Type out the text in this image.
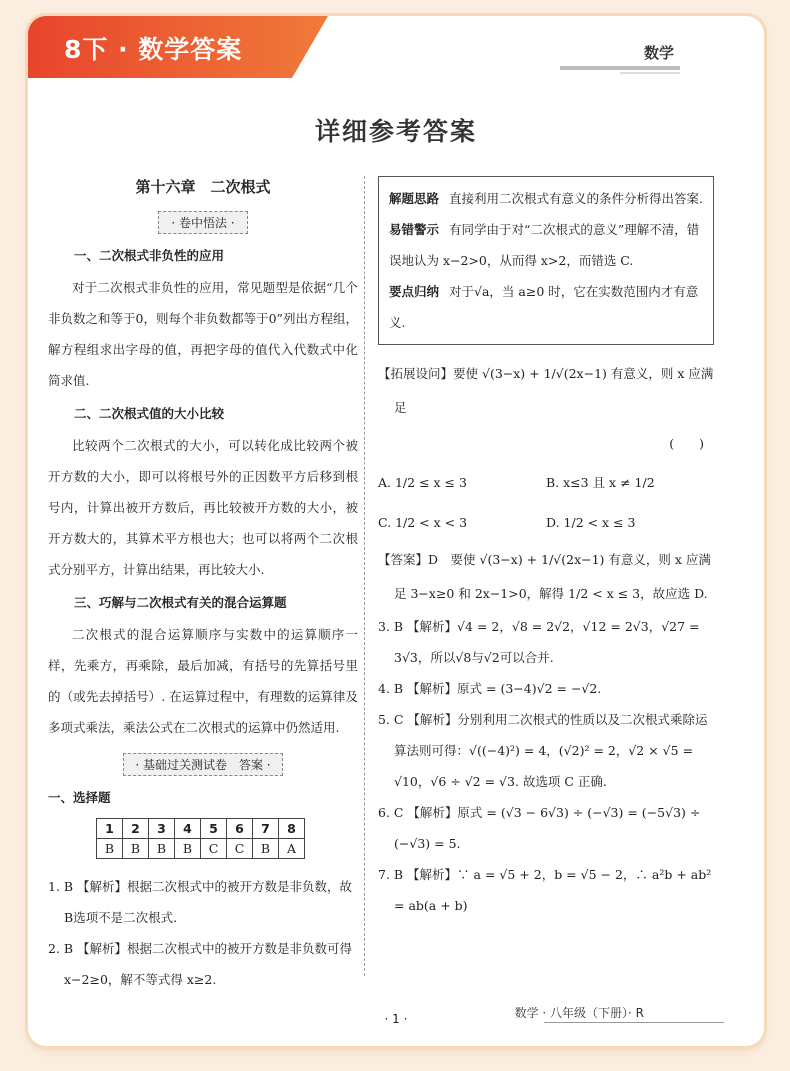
8下 · 数学答案	数学
详细参考答案
第十六章　二次根式
· 卷中悟法 ·
一、二次根式非负性的应用
对于二次根式非负性的应用，常见题型是依据“几个非负数之和等于0，则每个非负数都等于0”列出方程组，解方程组求出字母的值，再把字母的值代入代数式中化简求值.
二、二次根式值的大小比较
比较两个二次根式的大小，可以转化成比较两个被开方数的大小，即可以将根号外的正因数平方后移到根号内，计算出被开方数后，再比较被开方数的大小，被开方数大的，其算术平方根也大；也可以将两个二次根式分别平方，计算出结果，再比较大小.
三、巧解与二次根式有关的混合运算题
二次根式的混合运算顺序与实数中的运算顺序一样，先乘方，再乘除，最后加减，有括号的先算括号里的（或先去掉括号）. 在运算过程中，有理数的运算律及多项式乘法，乘法公式在二次根式的运算中仍然适用.
· 基础过关测试卷　答案 ·
一、选择题
1	2	3	4	5	6	7	8
B	B	B	B	C	C	B	A
1. B 【解析】根据二次根式中的被开方数是非负数，故B选项不是二次根式.
2. B 【解析】根据二次根式中的被开方数是非负数可得 x−2≥0，解不等式得 x≥2.
解题思路 直接利用二次根式有意义的条件分析得出答案.
易错警示 有同学由于对“二次根式的意义”理解不清，错误地认为 x−2>0，从而得 x>2，而错选 C.
要点归纳 对于√a，当 a≥0 时，它在实数范围内才有意义.
【拓展设问】要使 √(3−x) + 1/√(2x−1) 有意义，则 x 应满足
(　　)
A. 1/2 ≤ x ≤ 3	B. x≤3 且 x ≠ 1/2
C. 1/2 < x < 3	D. 1/2 < x ≤ 3
【答案】D　要使 √(3−x) + 1/√(2x−1) 有意义，则 x 应满足 3−x≥0 和 2x−1>0，解得 1/2 < x ≤ 3，故应选 D.
3. B 【解析】√4 = 2，√8 = 2√2，√12 = 2√3，√27 = 3√3，所以√8与√2可以合并.
4. B 【解析】原式 = (3−4)√2 = −√2.
5. C 【解析】分别利用二次根式的性质以及二次根式乘除运算法则可得：√((−4)²) = 4，(√2)² = 2，√2 × √5 = √10，√6 ÷ √2 = √3. 故选项 C 正确.
6. C 【解析】原式 = (√3 − 6√3) ÷ (−√3) = (−5√3) ÷ (−√3) = 5.
7. B 【解析】∵ a = √5 + 2，b = √5 − 2，∴ a²b + ab² = ab(a + b)
· 1 ·	数学 · 八年级（下册）· R
